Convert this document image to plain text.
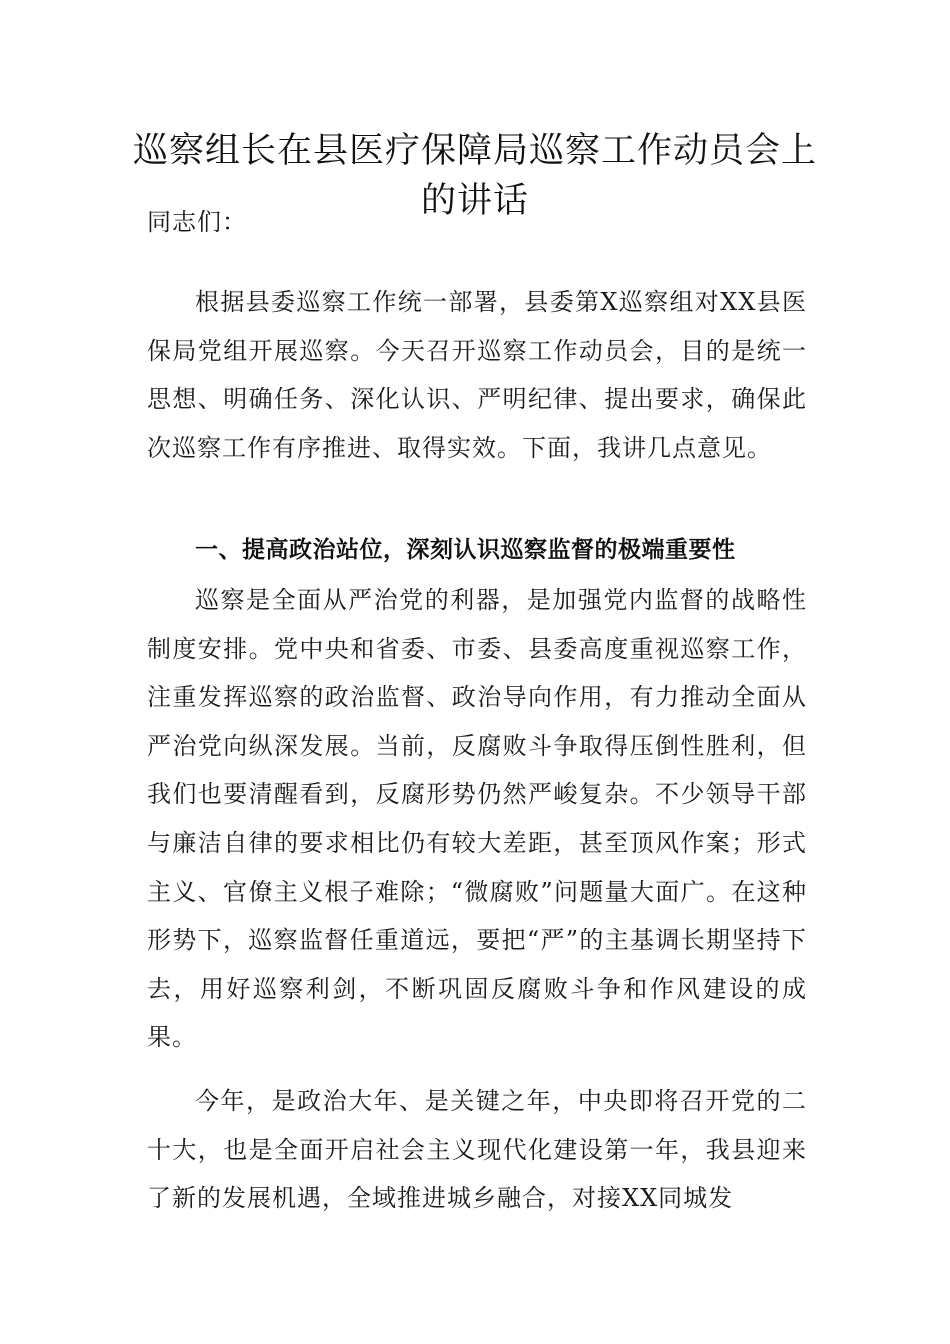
巡察组长在县医疗保障局巡察工作动员会上的讲话
同志们：
根据县委巡察工作统一部署，县委第X巡察组对XX县医保局党组开展巡察。今天召开巡察工作动员会，目的是统一思想、明确任务、深化认识、严明纪律、提出要求，确保此次巡察工作有序推进、取得实效。下面，我讲几点意见。
一、提高政治站位，深刻认识巡察监督的极端重要性
巡察是全面从严治党的利器，是加强党内监督的战略性制度安排。党中央和省委、市委、县委高度重视巡察工作，注重发挥巡察的政治监督、政治导向作用，有力推动全面从严治党向纵深发展。当前，反腐败斗争取得压倒性胜利，但我们也要清醒看到，反腐形势仍然严峻复杂。不少领导干部与廉洁自律的要求相比仍有较大差距，甚至顶风作案；形式主义、官僚主义根子难除；“微腐败”问题量大面广。在这种形势下，巡察监督任重道远，要把“严”的主基调长期坚持下去，用好巡察利剑，不断巩固反腐败斗争和作风建设的成果。
今年，是政治大年、是关键之年，中央即将召开党的二十大，也是全面开启社会主义现代化建设第一年，我县迎来了新的发展机遇，全域推进城乡融合，对接XX同城发
